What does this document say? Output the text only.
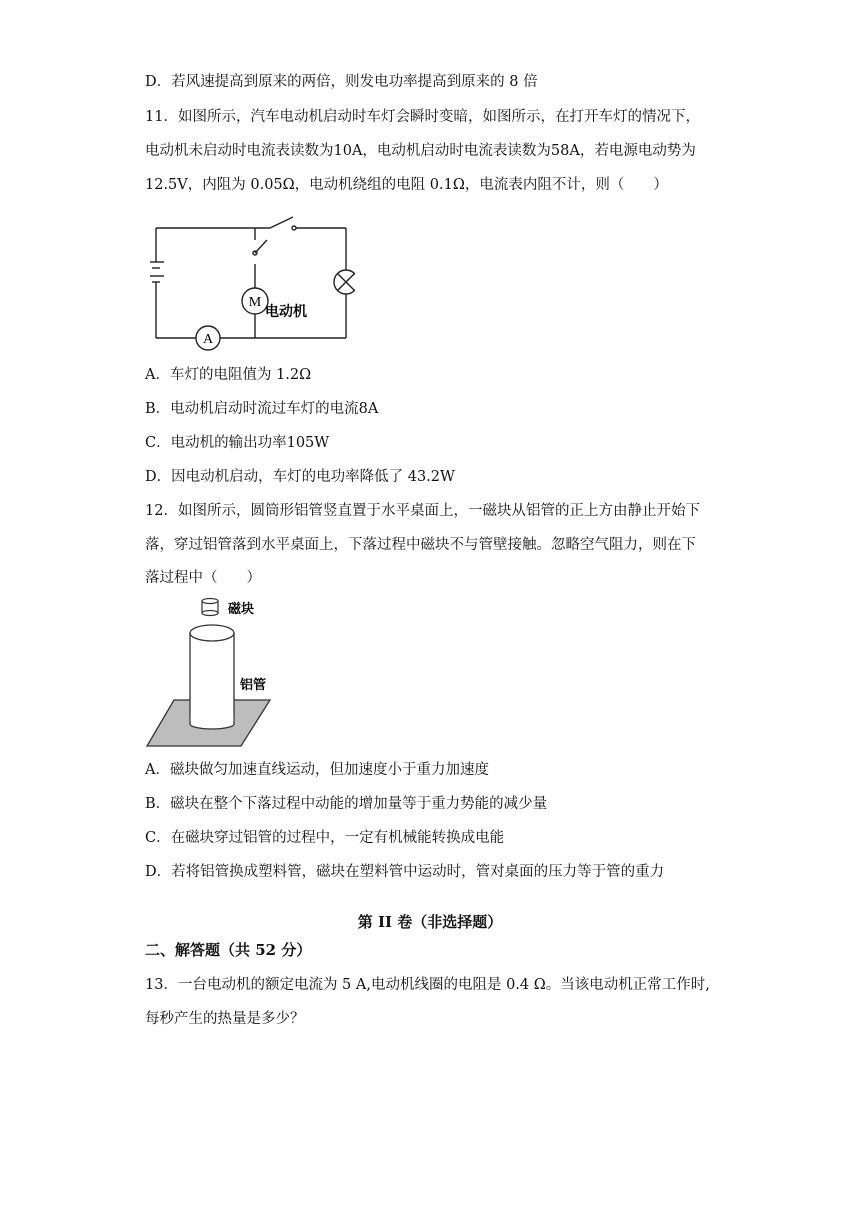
D．若风速提高到原来的两倍，则发电功率提高到原来的 8 倍
11．如图所示，汽车电动机启动时车灯会瞬时变暗，如图所示，在打开车灯的情况下，
电动机未启动时电流表读数为10A，电动机启动时电流表读数为58A，若电源电动势为
12.5V，内阻为 0.05Ω，电动机绕组的电阻 0.1Ω，电流表内阻不计，则（　　）
A
M
电动机
A．车灯的电阻值为 1.2Ω
B．电动机启动时流过车灯的电流8A
C．电动机的输出功率105W
D．因电动机启动，车灯的电功率降低了 43.2W
12．如图所示，圆筒形铝管竖直置于水平桌面上，一磁块从铝管的正上方由静止开始下
落，穿过铝管落到水平桌面上，下落过程中磁块不与管壁接触。忽略空气阻力，则在下
落过程中（　　）
磁块
铝管
A．磁块做匀加速直线运动，但加速度小于重力加速度
B．磁块在整个下落过程中动能的增加量等于重力势能的减少量
C．在磁块穿过铝管的过程中，一定有机械能转换成电能
D．若将铝管换成塑料管，磁块在塑料管中运动时，管对桌面的压力等于管的重力
第 II 卷（非选择题）
二、解答题（共 52 分）
13．一台电动机的额定电流为 5 A,电动机线圈的电阻是 0.4 Ω。当该电动机正常工作时,
每秒产生的热量是多少？
